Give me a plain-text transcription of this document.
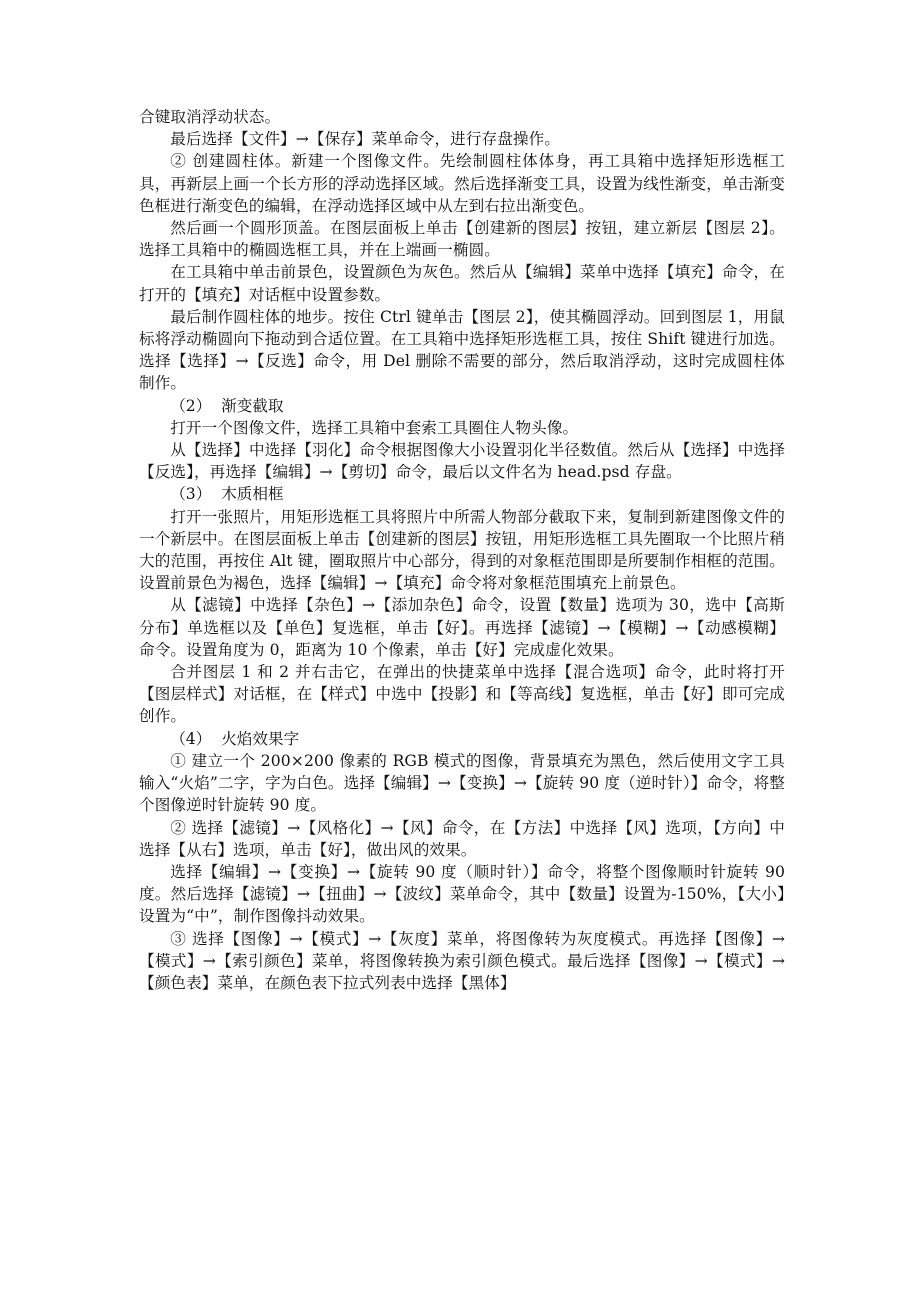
合键取消浮动状态。

最后选择【文件】→【保存】菜单命令，进行存盘操作。

② 创建圆柱体。新建一个图像文件。先绘制圆柱体体身，再工具箱中选择矩形选框工具，再新层上画一个长方形的浮动选择区域。然后选择渐变工具，设置为线性渐变，单击渐变色框进行渐变色的编辑，在浮动选择区域中从左到右拉出渐变色。

然后画一个圆形顶盖。在图层面板上单击【创建新的图层】按钮，建立新层【图层 2】。选择工具箱中的椭圆选框工具，并在上端画一椭圆。

在工具箱中单击前景色，设置颜色为灰色。然后从【编辑】菜单中选择【填充】命令，在打开的【填充】对话框中设置参数。

最后制作圆柱体的地步。按住 Ctrl 键单击【图层 2】，使其椭圆浮动。回到图层 1，用鼠标将浮动椭圆向下拖动到合适位置。在工具箱中选择矩形选框工具，按住 Shift 键进行加选。选择【选择】→【反选】命令，用 Del 删除不需要的部分，然后取消浮动，这时完成圆柱体制作。

（2）  渐变截取

打开一个图像文件，选择工具箱中套索工具圈住人物头像。

从【选择】中选择【羽化】命令根据图像大小设置羽化半径数值。然后从【选择】中选择【反选】，再选择【编辑】→【剪切】命令，最后以文件名为 head.psd 存盘。

（3）  木质相框

打开一张照片，用矩形选框工具将照片中所需人物部分截取下来，复制到新建图像文件的一个新层中。在图层面板上单击【创建新的图层】按钮，用矩形选框工具先圈取一个比照片稍大的范围，再按住 Alt 键，圈取照片中心部分，得到的对象框范围即是所要制作相框的范围。设置前景色为褐色，选择【编辑】→【填充】命令将对象框范围填充上前景色。

从【滤镜】中选择【杂色】→【添加杂色】命令，设置【数量】选项为 30，选中【高斯分布】单选框以及【单色】复选框，单击【好】。再选择【滤镜】→【模糊】→【动感模糊】命令。设置角度为 0，距离为 10 个像素，单击【好】完成虚化效果。

合并图层 1 和 2 并右击它，在弹出的快捷菜单中选择【混合选项】命令，此时将打开【图层样式】对话框，在【样式】中选中【投影】和【等高线】复选框，单击【好】即可完成创作。

（4）  火焰效果字

① 建立一个 200×200 像素的 RGB 模式的图像，背景填充为黑色，然后使用文字工具输入“火焰”二字，字为白色。选择【编辑】→【变换】→【旋转 90 度（逆时针）】命令，将整个图像逆时针旋转 90 度。

② 选择【滤镜】→【风格化】→【风】命令，在【方法】中选择【风】选项，【方向】中选择【从右】选项，单击【好】，做出风的效果。

选择【编辑】→【变换】→【旋转 90 度（顺时针）】命令，将整个图像顺时针旋转 90 度。然后选择【滤镜】→【扭曲】→【波纹】菜单命令，其中【数量】设置为-150%，【大小】设置为“中”，制作图像抖动效果。

③ 选择【图像】→【模式】→【灰度】菜单，将图像转为灰度模式。再选择【图像】→【模式】→【索引颜色】菜单，将图像转换为索引颜色模式。最后选择【图像】→【模式】→【颜色表】菜单，在颜色表下拉式列表中选择【黑体】
